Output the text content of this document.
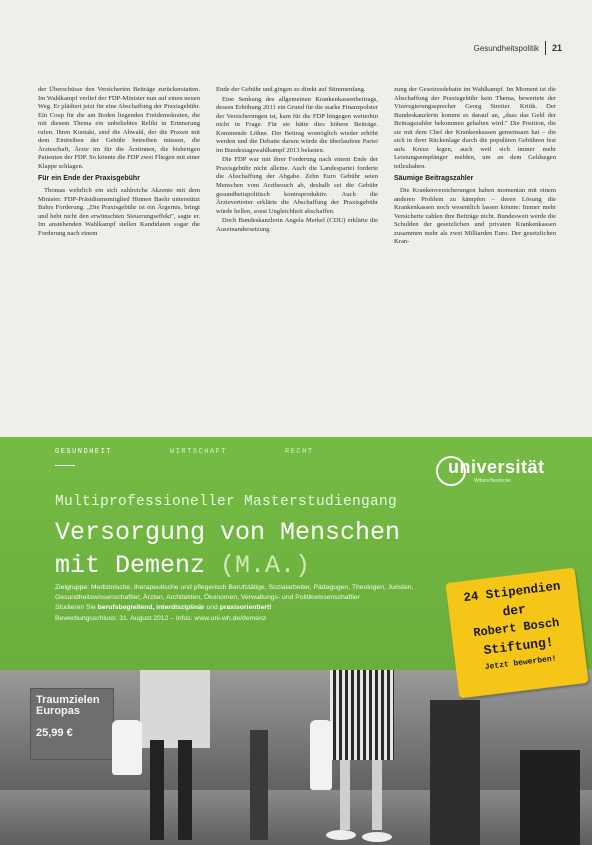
Gesundheitspolitik 21

der Überschüsse den Versicherten Beiträge zurückerstatten. Im Wahlkampf verlief der FDP-Minister nun auf einen neuen Weg. Er plädiert jetzt für eine Abschaffung der Praxisgebühr. Ein Coup für die am Boden liegenden Freidemokraten, die mit diesem Thema ein unbeliebtes Relikt in Erinnerung rufen. Ihren Kontakt, sind die Abwahl, der die Praxen mit dem Eintreiben der Gebühr betreiben müssen, die Ärzteschaft, Ärzte im für die Ärztinnen, die bisherigen Patienten der FDP. So könnte die FDP zwei Fliegen mit einer Klappe schlagen.

Für ein Ende der Praxisgebühr

Thomas wehrlich ein sich zahlreiche Akzente mit dem Minister. FDP-Präsidiumsmitglied Hinnen Baehr unterstützt Bahrs Forderung. „Die Praxisgebühr ist ein Ärgernis, bringt und hebt nicht den erwünschten Steuerungseffekt", sagte er. Im anstehenden Wahlkampf stellen Kandidaten sogar die Forderung nach einem

Ende der Gebühr und gingen so direkt auf Stimmenfang.

Eine Senkung des allgemeinen Krankenkassenbeitrags, dessen Erhöhung 2011 ein Grund für die starke Finanzpolster der Versicherungen ist, kam für die FDP hingegen weiterhin nicht in Frage. Für sie hätte dies höhere Beiträge. Kommende Löhne. Der Beitrag womöglich wieder erhöht werden und die Debatte darum würde die überlaufene Partei im Bundestagswahlkampf 2013 belasten.

Die FDP war mit ihrer Forderung nach einem Ende der Praxisgebühr nicht alleine. Auch die Landespartei forderte die Abschaffung der Abgabe. Zehn Euro Gebühr seien Menschen vom Arztbesuch ab, deshalb sei die Gebühr gesundheitspolitisch kontraproduktiv. Auch die Ärztevertreter erklärte die Abschaffung der Praxisgebühr würde hellen, sonst Ungleichheit abschaffen.

Doch Bundeskanzlerin Angela Merkel (CDU) erklärte die Auseinandersetzung

zung der Gesetzesdebatte im Wahlkampf. Im Moment ist die Abschaffung der Praxisgebühr kein Thema, bewertete der Vizeregierungssprecher Georg Streiter. Kritik. Der Bundeskanzlerin kommt es darauf an, „dass das Geld der Beitragszahler bekommen gehalten wird." Die Position, die sie mit dem Chef der Krankenkassen gemeinsam hat – die sich in ihrer Rückenlage durch die populären Gebühren fest aufs Kreuz legen, auch weil sich immer mehr Leistungsempfänger melden, um an dem Geldsegen teilzuhaben.

Säumige Beitragszahler

Die Krankenversicherungen haben momentan mit einem anderen Problem zu kämpfen – deren Lösung die Krankenkassen noch wesentlich lassen könnte: Immer mehr Versicherte zahlen ihre Beiträge nicht. Bundesweit werde die Schulden der gesetzlichen und privaten Krankenkassen zusammen mehr als zwei Milliarden Euro. Der gesetzlichen Kran-

GESUNDHEIT	WIRTSCHAFT	RECHT
universität
Witten/Herdecke
Multiprofessioneller Masterstudiengang
Versorgung von Menschen
mit Demenz (M.A.)
Zielgruppe: Medizinische, therapeutische und pflegerisch Berufstätige, Sozialarbeiter, Pädagogen, Theologen, Juristen, Gesundheitswissenschaftler, Ärzten, Architekten, Ökonomen, Verwaltungs- und Politikwissenschaftler
Studieren Sie berufsbegleitend, interdisziplinär und praxisorientiert!
Bewerbungsschluss: 31. August 2012 – Infos: www.uni-wh.de/demenz
Traumzielen Europas
25,99 €
24 Stipendien
der
Robert Bosch
Stiftung!
Jetzt bewerben!
